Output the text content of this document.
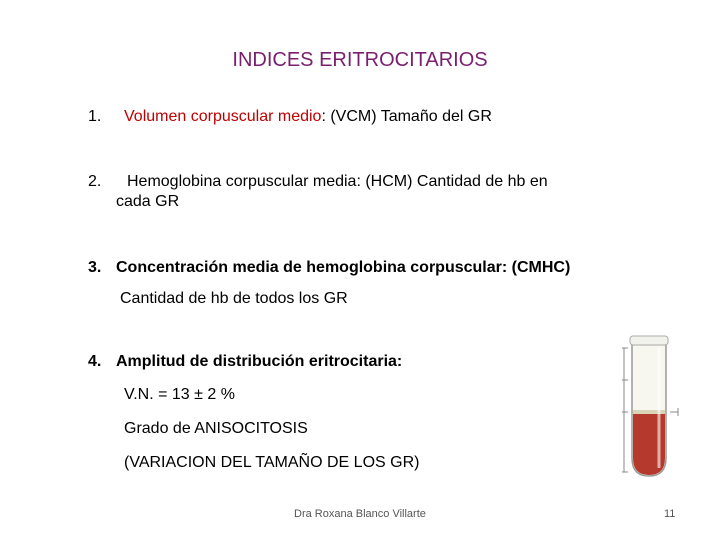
INDICES ERITROCITARIOS
1. Volumen corpuscular medio: (VCM) Tamaño del GR
2. Hemoglobina corpuscular media: (HCM) Cantidad de hb en
cada GR
3. Concentración media de hemoglobina corpuscular: (CMHC)
Cantidad de hb de todos los GR
4. Amplitud de distribución eritrocitaria:
V.N. = 13 ± 2 %
Grado de ANISOCITOSIS
(VARIACION DEL TAMAÑO DE LOS GR)
Dra Roxana Blanco Villarte	11
